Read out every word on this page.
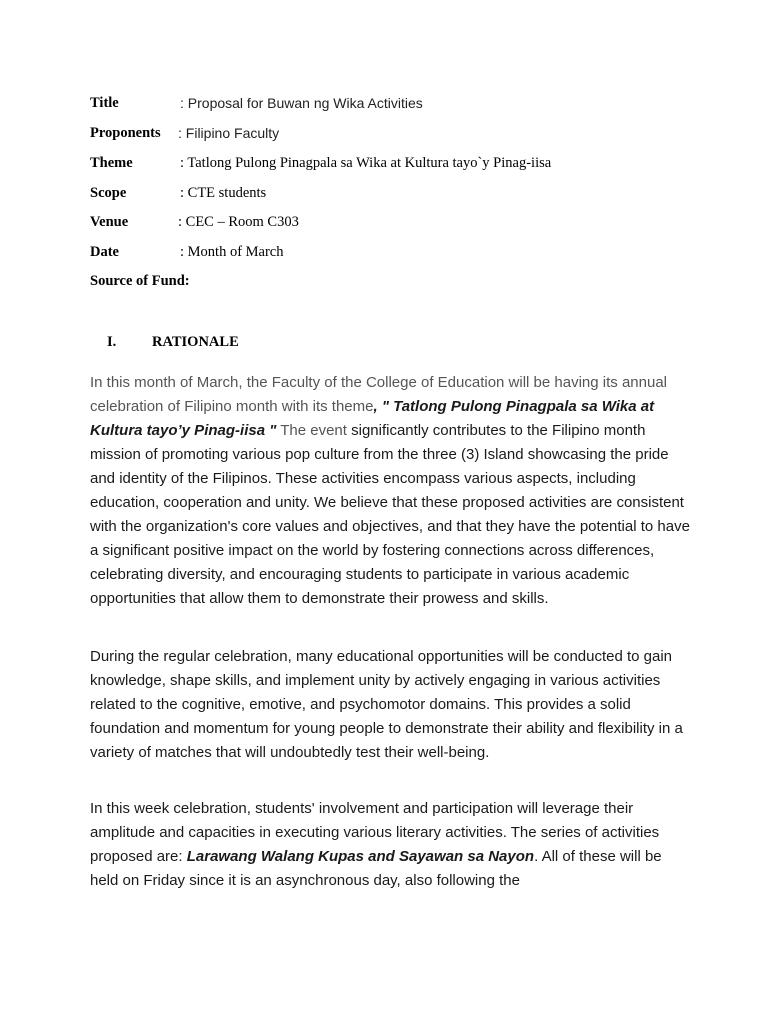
Title	: Proposal for Buwan ng Wika Activities
Proponents : Filipino Faculty
Theme	: Tatlong Pulong Pinagpala sa Wika at Kultura tayo`y Pinag-iisa
Scope	: CTE students
Venue	: CEC – Room C303
Date	: Month of March
Source of Fund:
I. RATIONALE

In this month of March, the Faculty of the College of Education will be having its annual celebration of Filipino month with its theme, " Tatlong Pulong Pinagpala sa Wika at Kultura tayo’y Pinag-iisa " The event significantly contributes to the Filipino month mission of promoting various pop culture from the three (3) Island showcasing the pride and identity of the Filipinos. These activities encompass various aspects, including education, cooperation and unity. We believe that these proposed activities are consistent with the organization's core values and objectives, and that they have the potential to have a significant positive impact on the world by fostering connections across differences, celebrating diversity, and encouraging students to participate in various academic opportunities that allow them to demonstrate their prowess and skills.

During the regular celebration, many educational opportunities will be conducted to gain knowledge, shape skills, and implement unity by actively engaging in various activities related to the cognitive, emotive, and psychomotor domains. This provides a solid foundation and momentum for young people to demonstrate their ability and flexibility in a variety of matches that will undoubtedly test their well-being.

In this week celebration, students' involvement and participation will leverage their amplitude and capacities in executing various literary activities. The series of activities proposed are: Larawang Walang Kupas and Sayawan sa Nayon. All of these will be held on Friday since it is an asynchronous day, also following the
